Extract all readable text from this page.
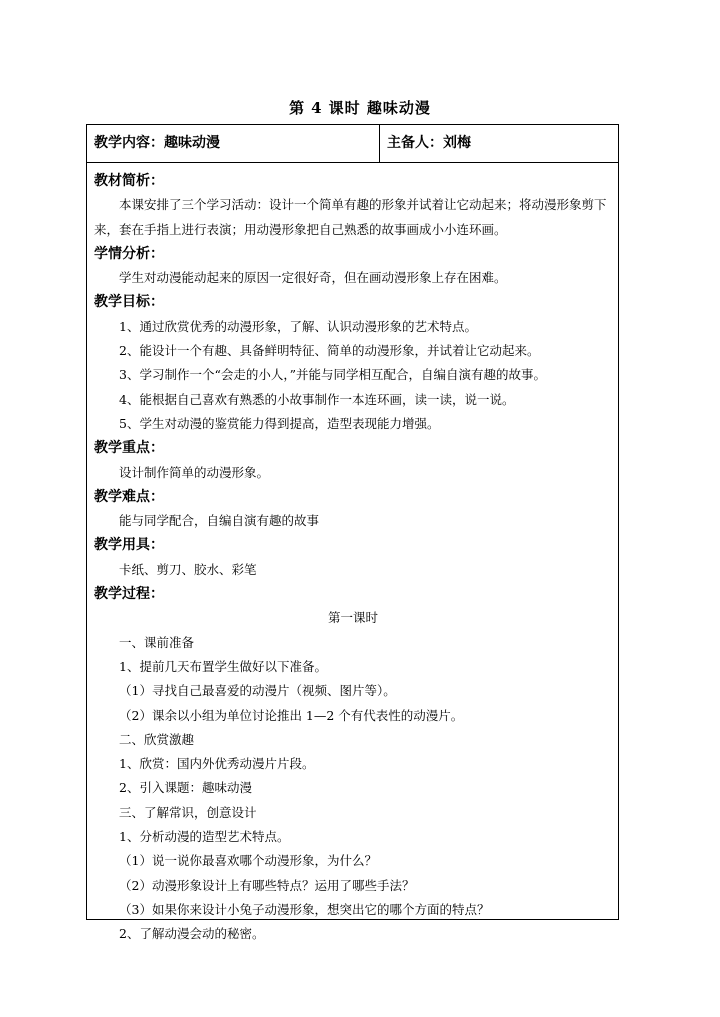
第 4 课时 趣味动漫
教学内容：趣味动漫	主备人：刘梅
教材简析：
本课安排了三个学习活动：设计一个简单有趣的形象并试着让它动起来；将动漫形象剪下
来，套在手指上进行表演；用动漫形象把自己熟悉的故事画成小小连环画。
学情分析：
学生对动漫能动起来的原因一定很好奇，但在画动漫形象上存在困难。
教学目标：
1、通过欣赏优秀的动漫形象，了解、认识动漫形象的艺术特点。
2、能设计一个有趣、具备鲜明特征、简单的动漫形象，并试着让它动起来。
3、学习制作一个“会走的小人，”并能与同学相互配合，自编自演有趣的故事。
4、能根据自己喜欢有熟悉的小故事制作一本连环画，读一读，说一说。
5、学生对动漫的鉴赏能力得到提高，造型表现能力增强。
教学重点：
设计制作简单的动漫形象。
教学难点：
能与同学配合，自编自演有趣的故事
教学用具：
卡纸、剪刀、胶水、彩笔
教学过程：
第一课时
一、课前准备
1、提前几天布置学生做好以下准备。
（1）寻找自己最喜爱的动漫片（视频、图片等）。
（2）课余以小组为单位讨论推出 1—2 个有代表性的动漫片。
二、欣赏激趣
1、欣赏：国内外优秀动漫片片段。
2、引入课题：趣味动漫
三、了解常识，创意设计
1、分析动漫的造型艺术特点。
（1）说一说你最喜欢哪个动漫形象，为什么？
（2）动漫形象设计上有哪些特点？运用了哪些手法？
（3）如果你来设计小兔子动漫形象，想突出它的哪个方面的特点？
2、了解动漫会动的秘密。
